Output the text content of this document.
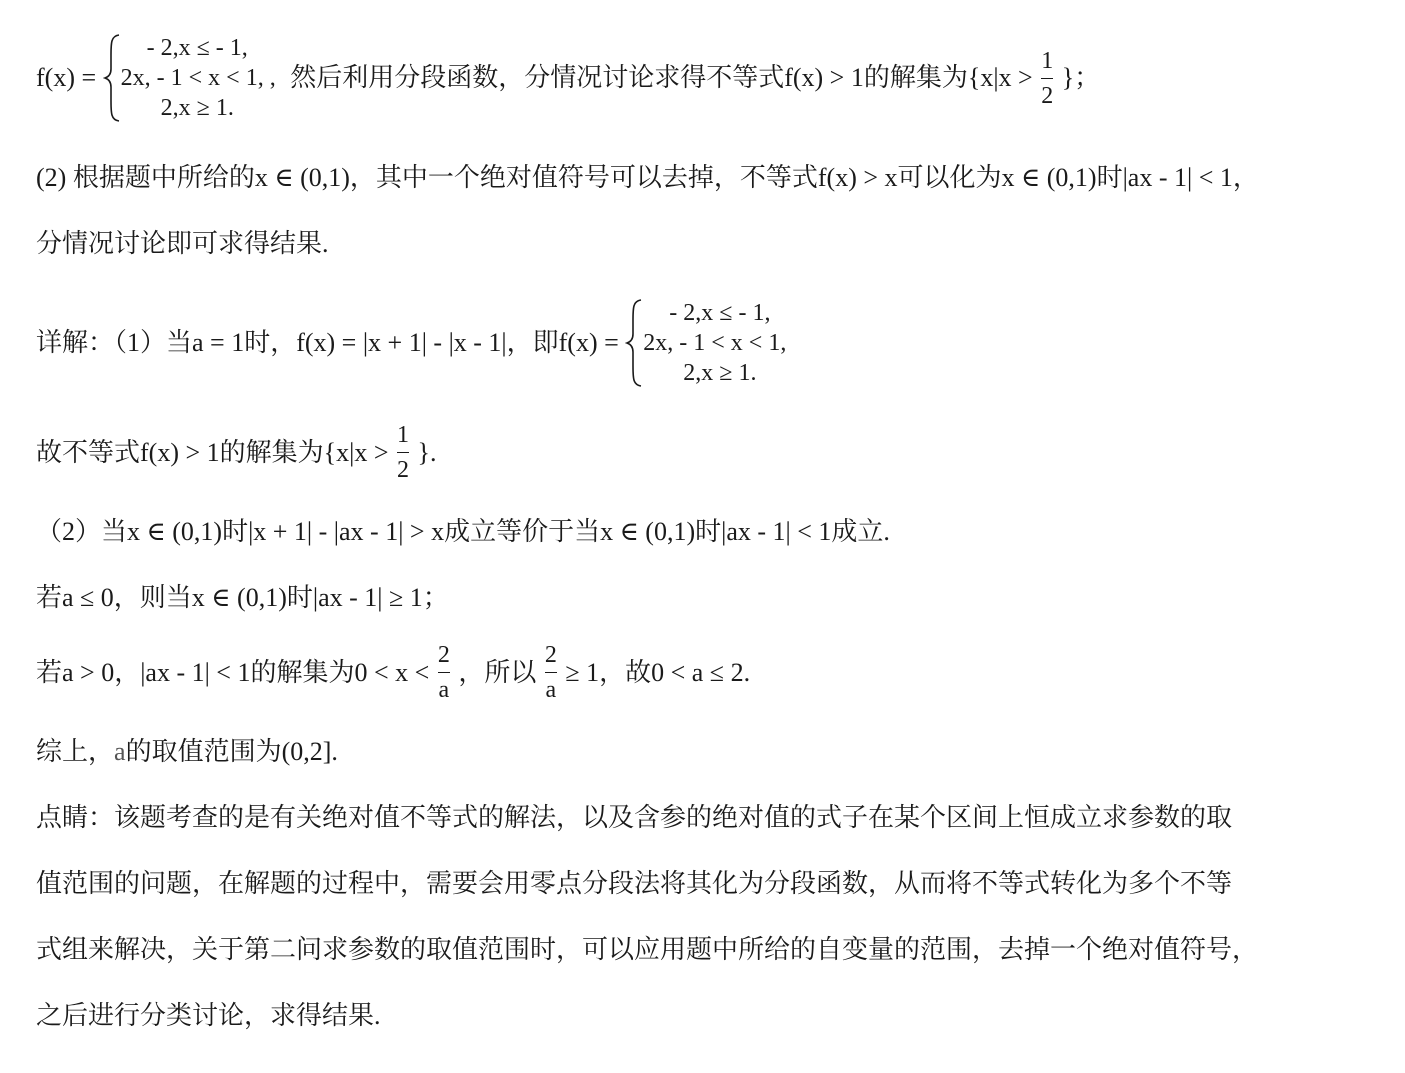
f(x) =
- 2,x ≤ - 1,
2x, - 1 < x < 1, ,
2,x ≥ 1.
然后利用分段函数，分情况讨论求得不等式f(x) > 1的解集为{$x|x > \frac{1}{2}$ }；
(2) 根据题中所给的x ∈ (0,1)，其中一个绝对值符号可以去掉，不等式f(x) > x可以化为x ∈ (0,1)时|ax - 1| < 1，
分情况讨论即可求得结果.
详解：（1）当a = 1时，f(x) = |x + 1| - |x - 1|，即f(x) =
- 2,x ≤ - 1,
2x, - 1 < x < 1,
2,x ≥ 1.
故不等式f(x) > 1的解集为{$x|x > \frac{1}{2}$ }.
（2）当x ∈ (0,1)时|x + 1| - |ax - 1| > x成立等价于当x ∈ (0,1)时|ax - 1| < 1成立.
若a ≤ 0，则当x ∈ (0,1)时|ax - 1| ≥ 1；
若a > 0，|ax - 1| < 1的解集为$0 < x < \frac{2}{a}$ ，所以 $\frac{2}{a} \ge 1$，故0 < a ≤ 2.
综上，a的取值范围为(0,2].
点睛：该题考查的是有关绝对值不等式的解法，以及含参的绝对值的式子在某个区间上恒成立求参数的取
值范围的问题，在解题的过程中，需要会用零点分段法将其化为分段函数，从而将不等式转化为多个不等
式组来解决，关于第二问求参数的取值范围时，可以应用题中所给的自变量的范围，去掉一个绝对值符号，
之后进行分类讨论，求得结果.
